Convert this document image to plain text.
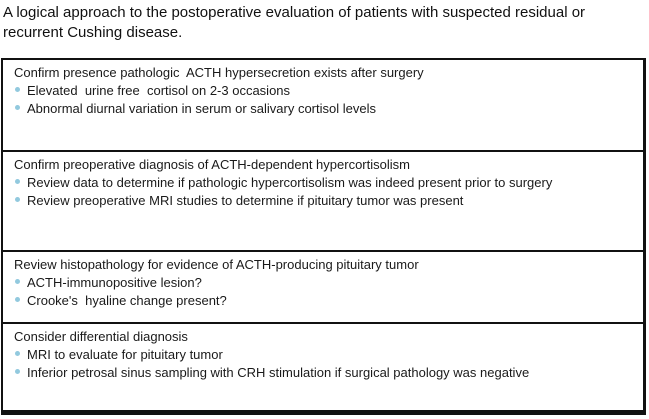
A logical approach to the postoperative evaluation of patients with suspected residual or recurrent Cushing disease.
Confirm presence pathologic  ACTH hypersecretion exists after surgery
Elevated  urine free  cortisol on 2-3 occasions
Abnormal diurnal variation in serum or salivary cortisol levels
Confirm preoperative diagnosis of ACTH-dependent hypercortisolism
Review data to determine if pathologic hypercortisolism was indeed present prior to surgery
Review preoperative MRI studies to determine if pituitary tumor was present
Review histopathology for evidence of ACTH-producing pituitary tumor
ACTH-immunopositive lesion?
Crooke's  hyaline change present?
Consider differential diagnosis
MRI to evaluate for pituitary tumor
Inferior petrosal sinus sampling with CRH stimulation if surgical pathology was negative
